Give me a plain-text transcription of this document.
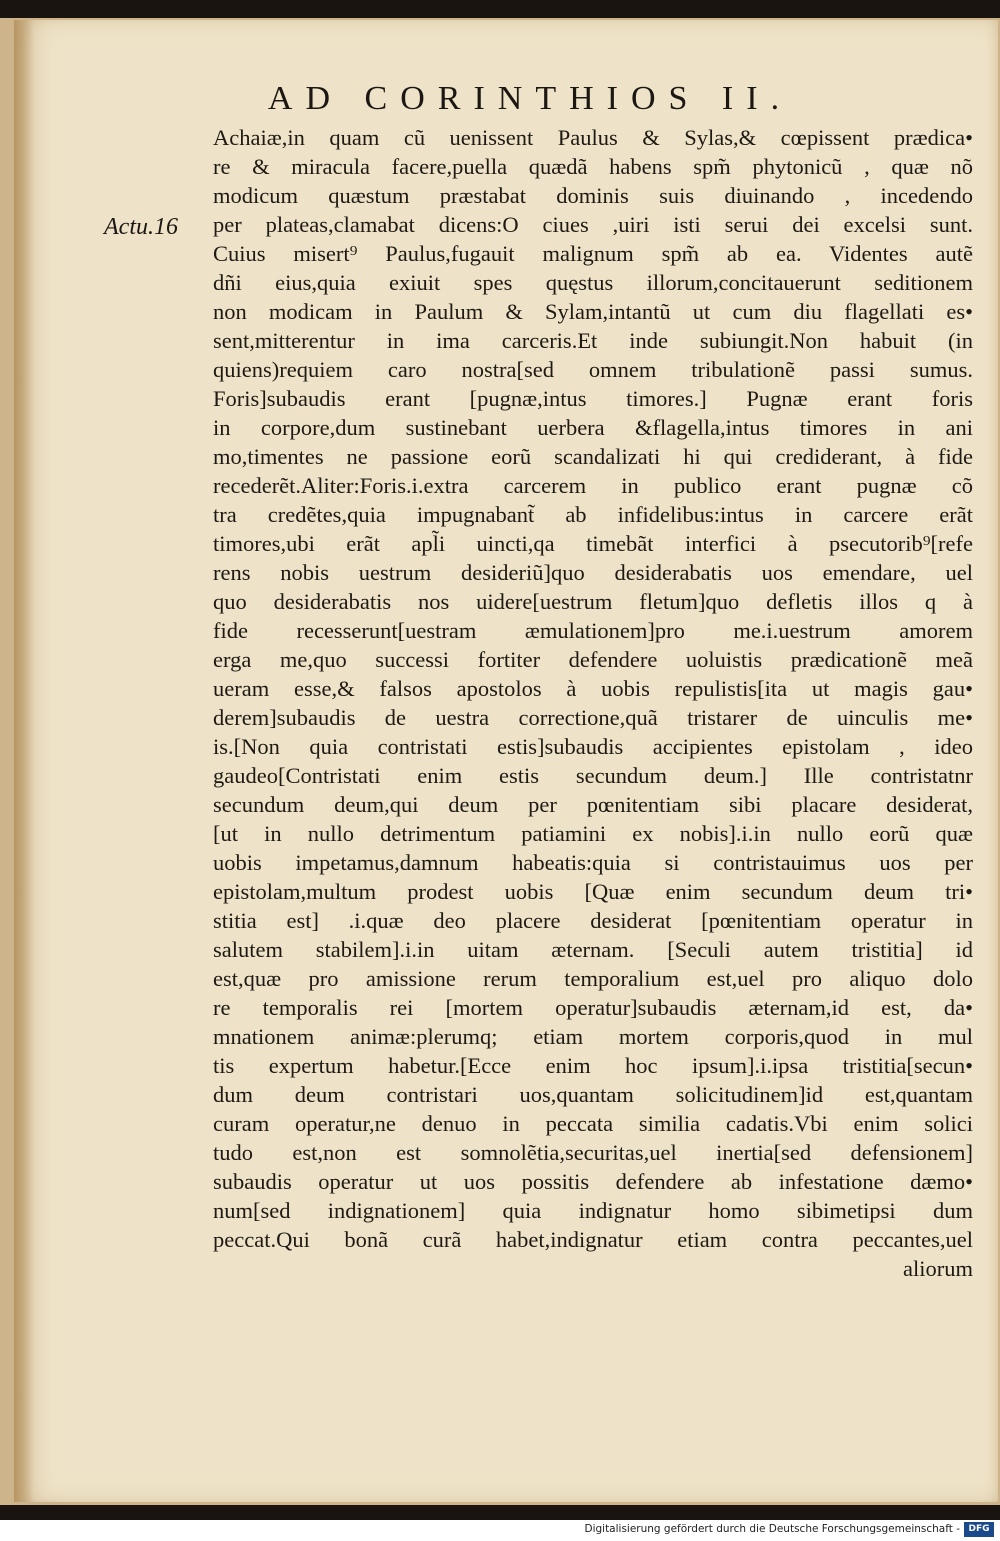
AD CORINTHIOS II.
Actu.16
Achaiæ,in quam cũ uenissent Paulus & Sylas,& cœpissent prædica•
re & miracula facere,puella quædã habens spm̃ phytonicũ , quæ nõ
modicum quæstum præstabat dominis suis diuinando , incedendo
per plateas,clamabat dicens:O ciues ,uiri isti serui dei excelsi sunt.
Cuius misert⁹ Paulus,fugauit malignum spm̃ ab ea. Videntes autẽ
dñi eius,quia exiuit spes quęstus illorum,concitauerunt seditionem
non modicam in Paulum & Sylam,intantũ ut cum diu flagellati es•
sent,mitterentur in ima carceris.Et inde subiungit.Non habuit (in
quiens)requiem caro nostra[sed omnem tribulationẽ passi sumus.
Foris]subaudis erant [pugnæ,intus timores.] Pugnæ erant foris
in corpore,dum sustinebant uerbera &flagella,intus timores in ani
mo,timentes ne passione eorũ scandalizati hi qui crediderant, à fide
recederẽt.Aliter:Foris.i.extra carcerem in publico erant pugnæ cõ
tra credẽtes,quia impugnabant̃ ab infidelibus:intus in carcere erãt
timores,ubi erãt apl̃i uincti,qa timebãt interfici à psecutorib⁹[refe
rens nobis uestrum desideriũ]quo desiderabatis uos emendare, uel
quo desiderabatis nos uidere[uestrum fletum]quo defletis illos q à
fide recesserunt[uestram æmulationem]pro me.i.uestrum amorem
erga me,quo successi fortiter defendere uoluistis prædicationẽ meã
ueram esse,& falsos apostolos à uobis repulistis[ita ut magis gau•
derem]subaudis de uestra correctione,quã tristarer de uinculis me•
is.[Non quia contristati estis]subaudis accipientes epistolam , ideo
gaudeo[Contristati enim estis secundum deum.] Ille contristatnr
secundum deum,qui deum per pœnitentiam sibi placare desiderat,
[ut in nullo detrimentum patiamini ex nobis].i.in nullo eorũ quæ
uobis impetamus,damnum habeatis:quia si contristauimus uos per
epistolam,multum prodest uobis [Quæ enim secundum deum tri•
stitia est] .i.quæ deo placere desiderat [pœnitentiam operatur in
salutem stabilem].i.in uitam æternam. [Seculi autem tristitia] id
est,quæ pro amissione rerum temporalium est,uel pro aliquo dolo
re temporalis rei [mortem operatur]subaudis æternam,id est, da•
mnationem animæ:plerumq; etiam mortem corporis,quod in mul
tis expertum habetur.[Ecce enim hoc ipsum].i.ipsa tristitia[secun•
dum deum contristari uos,quantam solicitudinem]id est,quantam
curam operatur,ne denuo in peccata similia cadatis.Vbi enim solici
tudo est,non est somnolẽtia,securitas,uel inertia[sed defensionem]
subaudis operatur ut uos possitis defendere ab infestatione dæmo•
num[sed indignationem] quia indignatur homo sibimetipsi dum
peccat.Qui bonã curã habet,indignatur etiam contra peccantes,uel
aliorum
Digitalisierung gefördert durch die Deutsche Forschungsgemeinschaft - DFG
